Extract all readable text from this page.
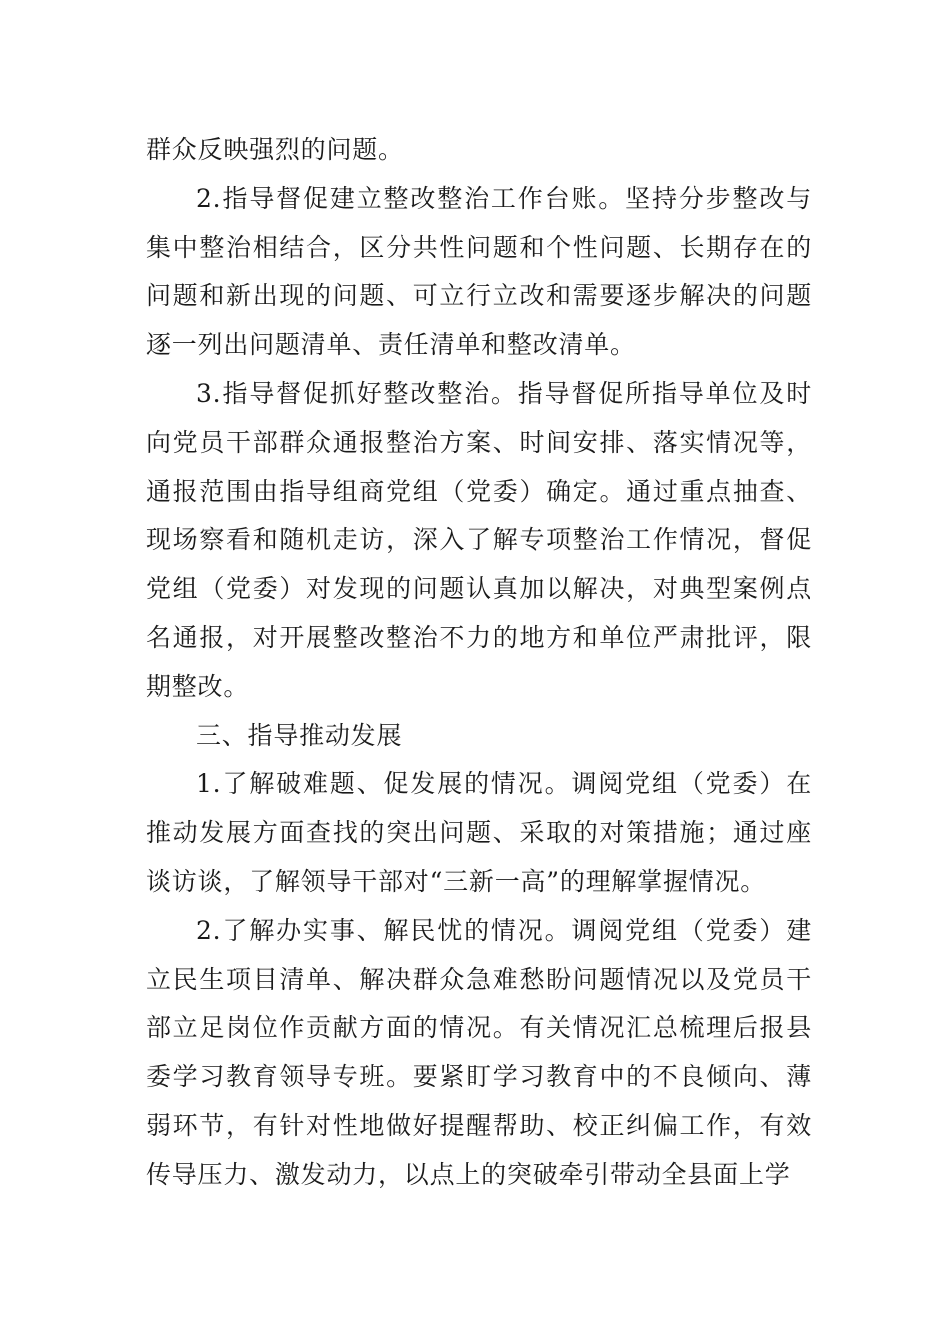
群众反映强烈的问题。

2.指导督促建立整改整治工作台账。坚持分步整改与集中整治相结合，区分共性问题和个性问题、长期存在的问题和新出现的问题、可立行立改和需要逐步解决的问题逐一列出问题清单、责任清单和整改清单。

3.指导督促抓好整改整治。指导督促所指导单位及时向党员干部群众通报整治方案、时间安排、落实情况等，通报范围由指导组商党组（党委）确定。通过重点抽查、现场察看和随机走访，深入了解专项整治工作情况，督促党组（党委）对发现的问题认真加以解决，对典型案例点名通报，对开展整改整治不力的地方和单位严肃批评，限期整改。

三、指导推动发展

1.了解破难题、促发展的情况。调阅党组（党委）在推动发展方面查找的突出问题、采取的对策措施；通过座谈访谈，了解领导干部对“三新一高”的理解掌握情况。

2.了解办实事、解民忧的情况。调阅党组（党委）建立民生项目清单、解决群众急难愁盼问题情况以及党员干部立足岗位作贡献方面的情况。有关情况汇总梳理后报县委学习教育领导专班。要紧盯学习教育中的不良倾向、薄弱环节，有针对性地做好提醒帮助、校正纠偏工作，有效传导压力、激发动力，以点上的突破牵引带动全县面上学
